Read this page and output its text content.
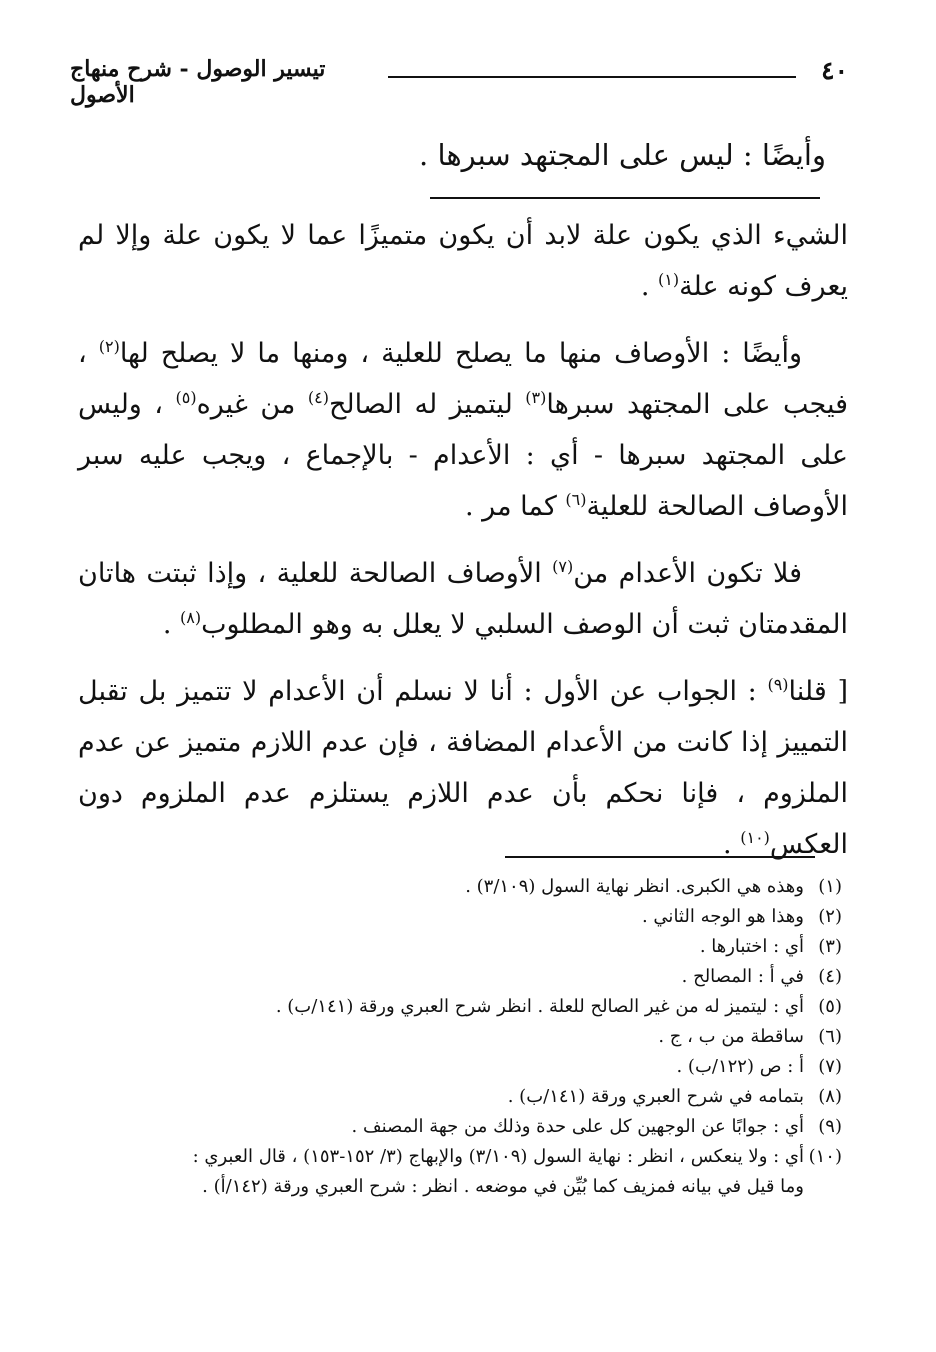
٤٠
تيسير الوصول - شرح منهاج الأصول
وأيضًا : ليس على المجتهد سبرها .

الشيء الذي يكون علة لابد أن يكون متميزًا عما لا يكون علة وإلا لم يعرف كونه علة$^{(١)}$ .

وأيضًا : الأوصاف منها ما يصلح للعلية ، ومنها ما لا يصلح لها$^{(٢)}$ ، فيجب على المجتهد سبرها$^{(٣)}$ ليتميز له الصالح$^{(٤)}$ من غيره$^{(٥)}$ ، وليس على المجتهد سبرها - أي : الأعدام - بالإجماع ، ويجب عليه سبر الأوصاف الصالحة للعلية$^{(٦)}$ كما مر .

فلا تكون الأعدام من$^{(٧)}$ الأوصاف الصالحة للعلية ، وإذا ثبتت هاتان المقدمتان ثبت أن الوصف السلبي لا يعلل به وهو المطلوب$^{(٨)}$ .

[ قلنا$^{(٩)}$ : الجواب عن الأول : أنا لا نسلم أن الأعدام لا تتميز بل تقبل التمييز إذا كانت من الأعدام المضافة ، فإن عدم اللازم متميز عن عدم الملزوم ، فإنا نحكم بأن عدم اللازم يستلزم عدم الملزوم دون العكس$^{(١٠)}$ .

(١)وهذه هي الكبرى. انظر نهاية السول (٣/١٠٩) .

(٢)وهذا هو الوجه الثاني .

(٣)أي : اختبارها .

(٤)في أ : المصالح .

(٥)أي : ليتميز له من غير الصالح للعلة . انظر شرح العبري ورقة (١٤١/ب) .

(٦)ساقطة من ب ، ج .

(٧)أ : ص (١٢٢/ب) .

(٨)بتمامه في شرح العبري ورقة (١٤١/ب) .

(٩)أي : جوابًا عن الوجهين كل على حدة وذلك من جهة المصنف .

(١٠)أي : ولا ينعكس ، انظر : نهاية السول (٣/١٠٩) والإبهاج (٣/ ١٥٢-١٥٣) ، قال العبري :
وما قيل في بيانه فمزيف كما بُيِّن في موضعه . انظر : شرح العبري ورقة (١٤٢/أ) .
